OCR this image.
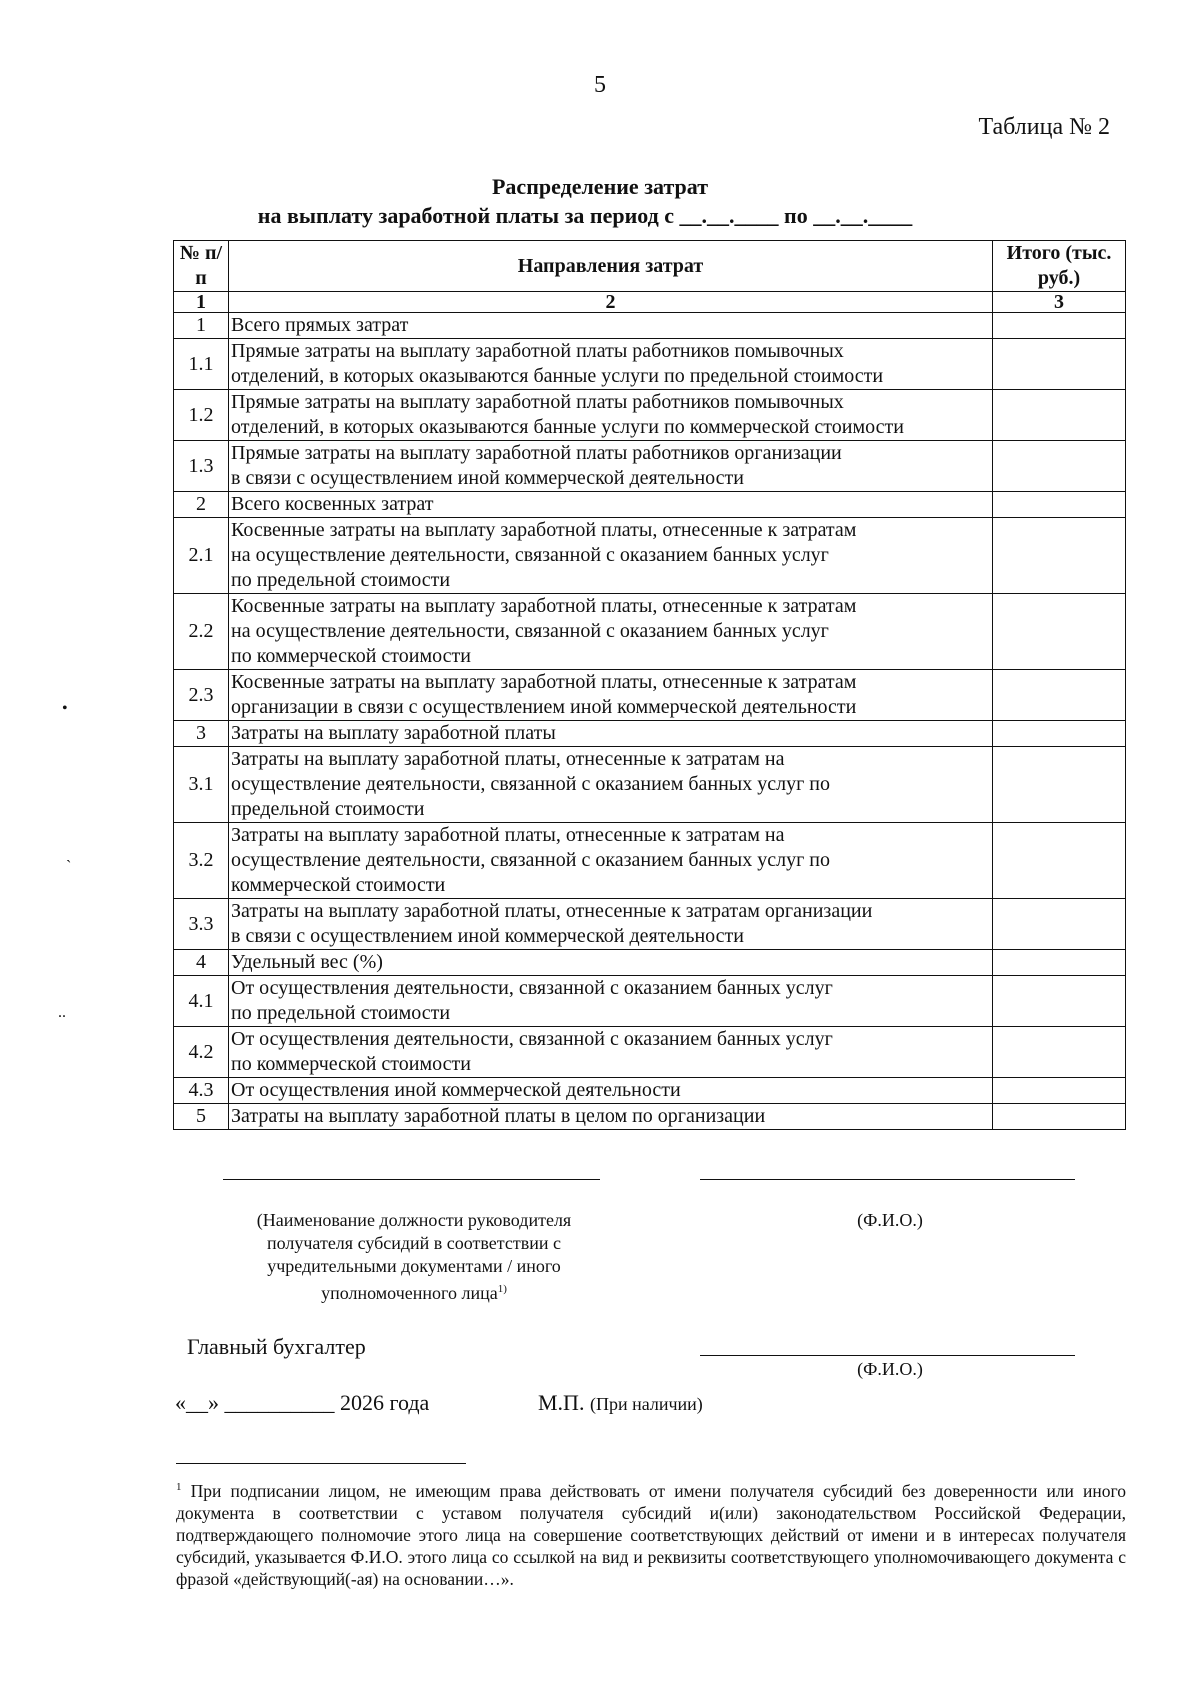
5
Таблица № 2
Распределение затрат
на выплату заработной платы за период с __.__.____ по __.__.____
№ п/п	Направления затрат	Итого (тыс. руб.)
1	2	3
1	Всего прямых затрат	

1.1	Прямые затраты на выплату заработной платы работников помывочных
отделений, в которых оказываются банные услуги по предельной стоимости	

1.2	Прямые затраты на выплату заработной платы работников помывочных
отделений, в которых оказываются банные услуги по коммерческой стоимости	

1.3	Прямые затраты на выплату заработной платы работников организации
в связи с осуществлением иной коммерческой деятельности	

2	Всего косвенных затрат	

2.1	Косвенные затраты на выплату заработной платы, отнесенные к затратам
на осуществление деятельности, связанной с оказанием банных услуг
по предельной стоимости	

2.2	Косвенные затраты на выплату заработной платы, отнесенные к затратам
на осуществление деятельности, связанной с оказанием банных услуг
по коммерческой стоимости	

2.3	Косвенные затраты на выплату заработной платы, отнесенные к затратам
организации в связи с осуществлением иной коммерческой деятельности	

3	Затраты на выплату заработной платы	

3.1	Затраты на выплату заработной платы, отнесенные к затратам на
осуществление деятельности, связанной с оказанием банных услуг по
предельной стоимости	

3.2	Затраты на выплату заработной платы, отнесенные к затратам на
осуществление деятельности, связанной с оказанием банных услуг по
коммерческой стоимости	

3.3	Затраты на выплату заработной платы, отнесенные к затратам организации
в связи с осуществлением иной коммерческой деятельности	

4	Удельный вес (%)	

4.1	От осуществления деятельности, связанной с оказанием банных услуг
по предельной стоимости	

4.2	От осуществления деятельности, связанной с оказанием банных услуг
по коммерческой стоимости	

4.3	От осуществления иной коммерческой деятельности	

5	Затраты на выплату заработной платы в целом по организации	

(Наименование должности руководителя
получателя субсидий в соответствии с
учредительными документами / иного
уполномоченного лица$^{1)}$
(Ф.И.О.)
Главный бухгалтер
(Ф.И.О.)
«__» __________ 2026 года	М.П. (При наличии)
$^1$ При подписании лицом, не имеющим права действовать от имени получателя субсидий без доверенности или иного документа в соответствии с уставом получателя субсидий и(или) законодательством Российской Федерации, подтверждающего полномочие этого лица на совершение соответствующих действий от имени и в интересах получателя субсидий, указывается Ф.И.О. этого лица со ссылкой на вид и реквизиты соответствующего уполномочивающего документа с фразой «действующий(-ая) на основании…».
•
`
..
